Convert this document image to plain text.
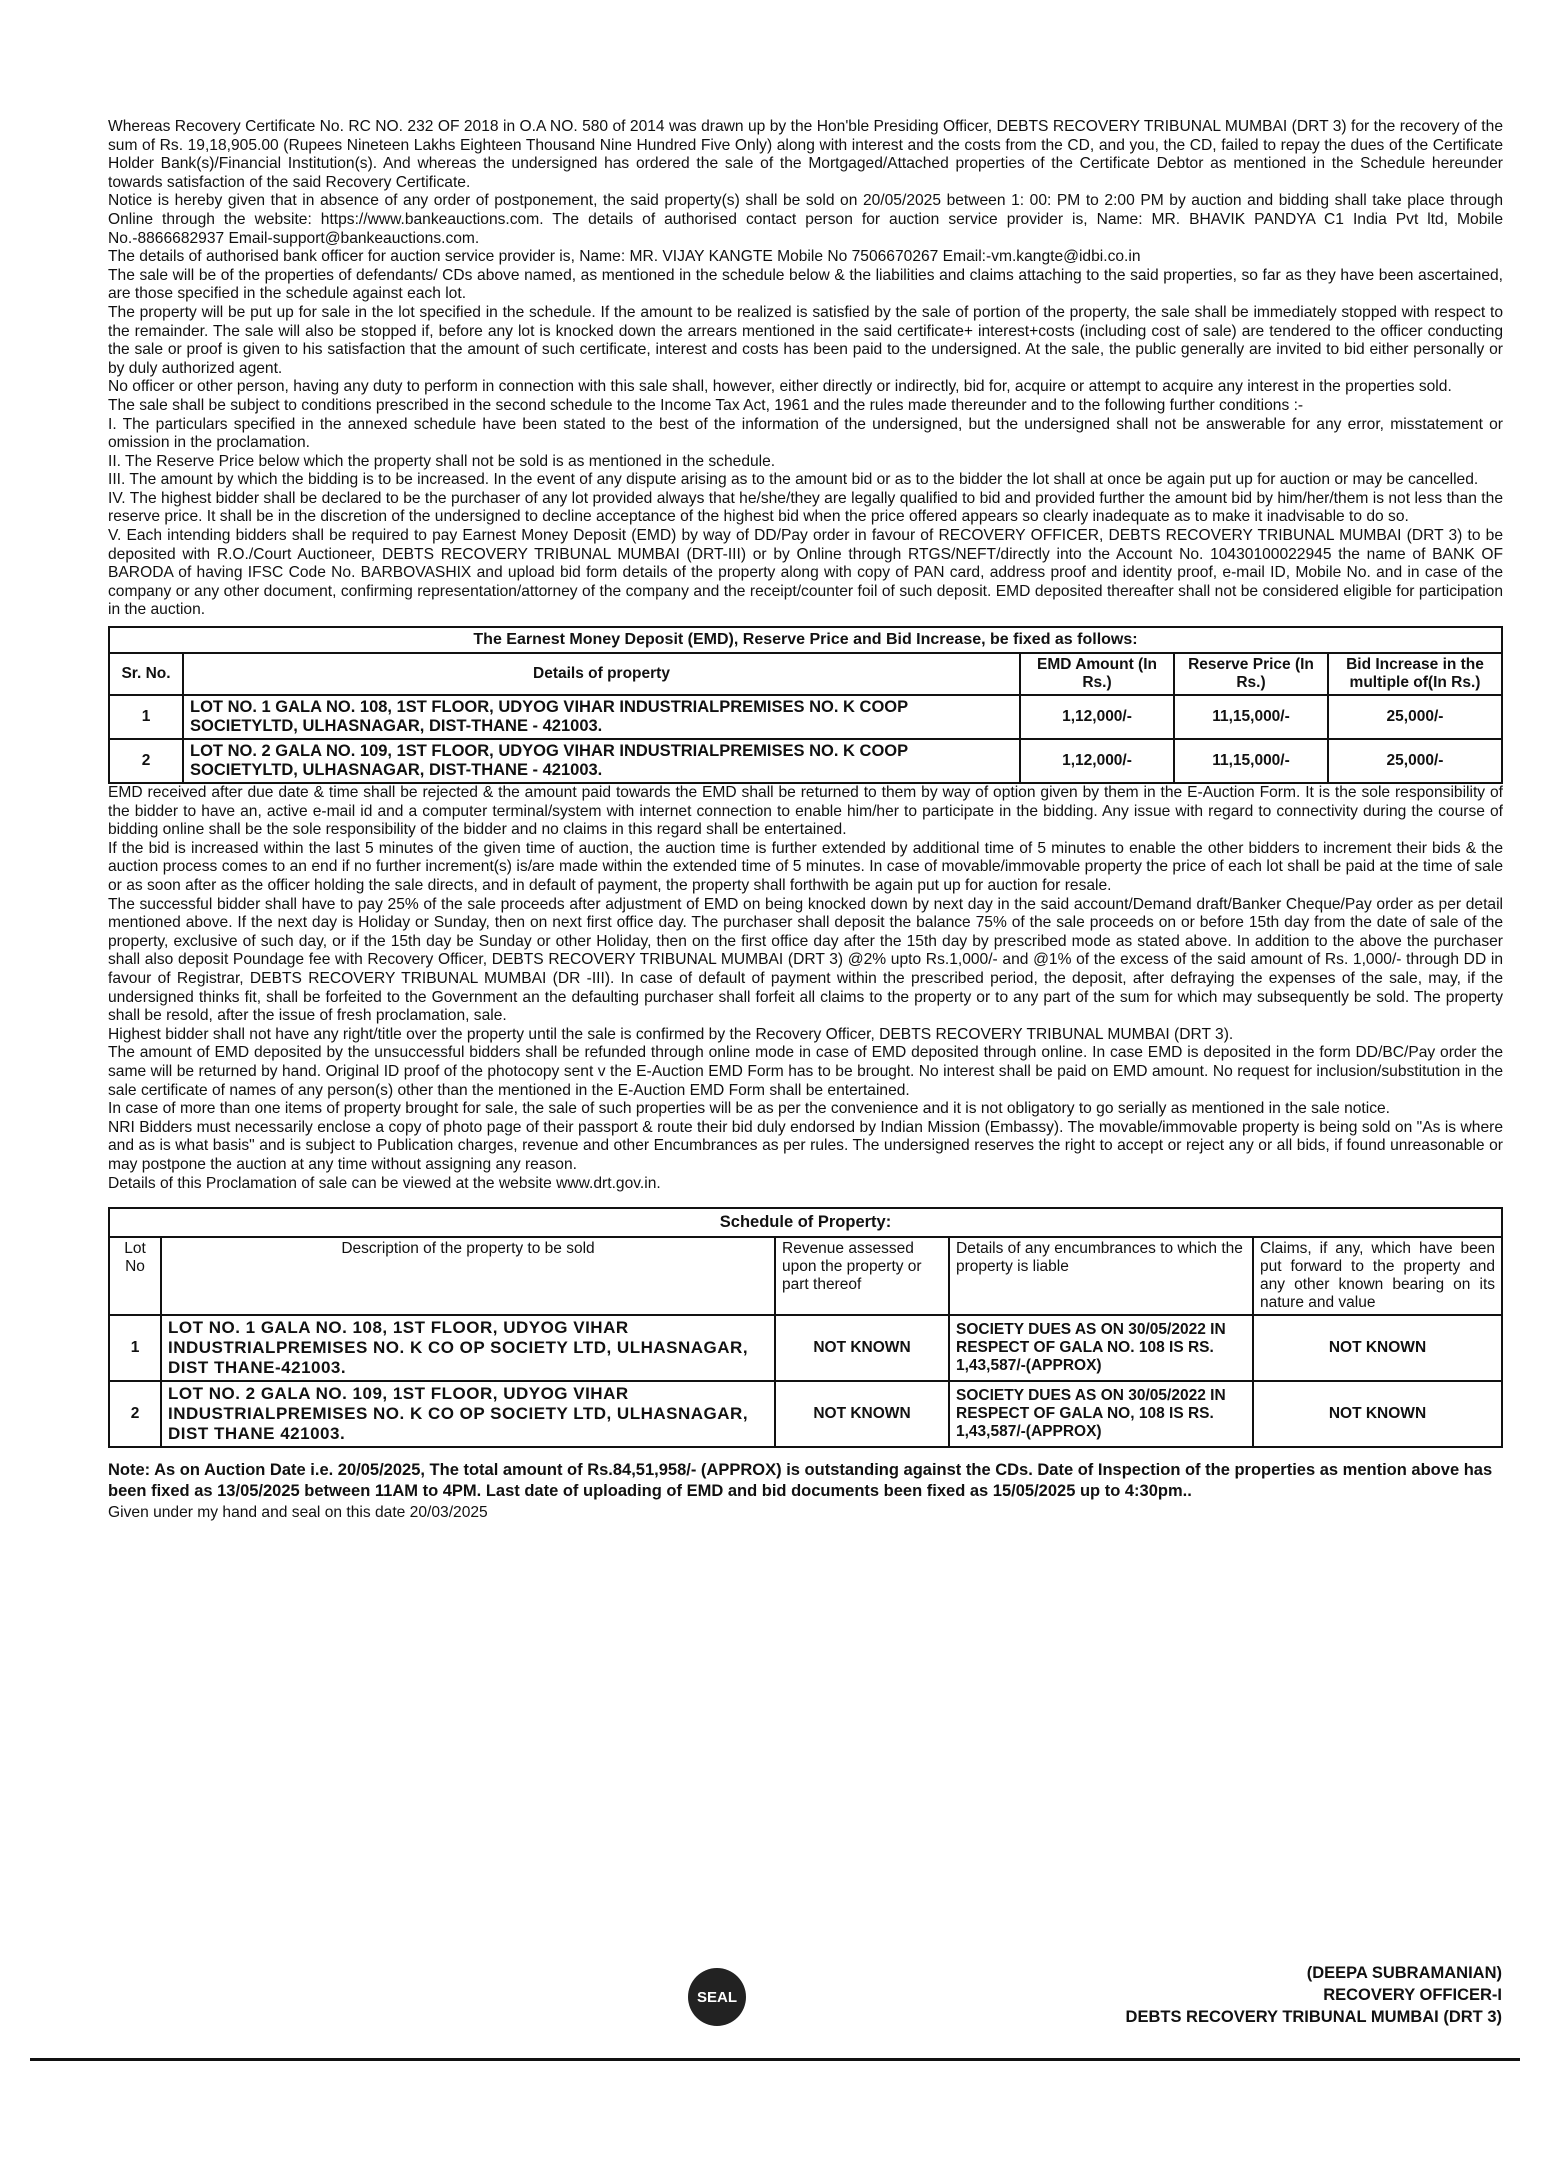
Whereas Recovery Certificate No. RC NO. 232 OF 2018 in O.A NO. 580 of 2014 was drawn up by the Hon'ble Presiding Officer, DEBTS RECOVERY TRIBUNAL MUMBAI (DRT 3) for the recovery of the sum of Rs. 19,18,905.00 (Rupees Nineteen Lakhs Eighteen Thousand Nine Hundred Five Only) along with interest and the costs from the CD, and you, the CD, failed to repay the dues of the Certificate Holder Bank(s)/Financial Institution(s). And whereas the undersigned has ordered the sale of the Mortgaged/Attached properties of the Certificate Debtor as mentioned in the Schedule hereunder towards satisfaction of the said Recovery Certificate.

Notice is hereby given that in absence of any order of postponement, the said property(s) shall be sold on 20/05/2025 between 1: 00: PM to 2:00 PM by auction and bidding shall take place through Online through the website: https://www.bankeauctions.com. The details of authorised contact person for auction service provider is, Name: MR. BHAVIK PANDYA C1 India Pvt ltd, Mobile No.-8866682937 Email-support@bankeauctions.com.

The details of authorised bank officer for auction service provider is, Name: MR. VIJAY KANGTE Mobile No 7506670267 Email:-vm.kangte@idbi.co.in

The sale will be of the properties of defendants/ CDs above named, as mentioned in the schedule below & the liabilities and claims attaching to the said properties, so far as they have been ascertained, are those specified in the schedule against each lot.

The property will be put up for sale in the lot specified in the schedule. If the amount to be realized is satisfied by the sale of portion of the property, the sale shall be immediately stopped with respect to the remainder. The sale will also be stopped if, before any lot is knocked down the arrears mentioned in the said certificate+ interest+costs (including cost of sale) are tendered to the officer conducting the sale or proof is given to his satisfaction that the amount of such certificate, interest and costs has been paid to the undersigned. At the sale, the public generally are invited to bid either personally or by duly authorized agent.

No officer or other person, having any duty to perform in connection with this sale shall, however, either directly or indirectly, bid for, acquire or attempt to acquire any interest in the properties sold.

The sale shall be subject to conditions prescribed in the second schedule to the Income Tax Act, 1961 and the rules made thereunder and to the following further conditions :-

I. The particulars specified in the annexed schedule have been stated to the best of the information of the undersigned, but the undersigned shall not be answerable for any error, misstatement or omission in the proclamation.

II. The Reserve Price below which the property shall not be sold is as mentioned in the schedule.

III. The amount by which the bidding is to be increased. In the event of any dispute arising as to the amount bid or as to the bidder the lot shall at once be again put up for auction or may be cancelled.

IV. The highest bidder shall be declared to be the purchaser of any lot provided always that he/she/they are legally qualified to bid and provided further the amount bid by him/her/them is not less than the reserve price. It shall be in the discretion of the undersigned to decline acceptance of the highest bid when the price offered appears so clearly inadequate as to make it inadvisable to do so.

V. Each intending bidders shall be required to pay Earnest Money Deposit (EMD) by way of DD/Pay order in favour of RECOVERY OFFICER, DEBTS RECOVERY TRIBUNAL MUMBAI (DRT 3) to be deposited with R.O./Court Auctioneer, DEBTS RECOVERY TRIBUNAL MUMBAI (DRT-III) or by Online through RTGS/NEFT/directly into the Account No. 10430100022945 the name of BANK OF BARODA of having IFSC Code No. BARBOVASHIX and upload bid form details of the property along with copy of PAN card, address proof and identity proof, e-mail ID, Mobile No. and in case of the company or any other document, confirming representation/attorney of the company and the receipt/counter foil of such deposit. EMD deposited thereafter shall not be considered eligible for participation in the auction.

The Earnest Money Deposit (EMD), Reserve Price and Bid Increase, be fixed as follows:				
Sr. No.	Details of property	EMD Amount (In Rs.)	Reserve Price (In Rs.)	Bid Increase in the multiple of(In Rs.)
1	LOT NO. 1 GALA NO. 108, 1ST FLOOR, UDYOG VIHAR INDUSTRIALPREMISES NO. K COOP SOCIETYLTD, ULHASNAGAR, DIST-THANE - 421003.	1,12,000/-	11,15,000/-	25,000/-
2	LOT NO. 2 GALA NO. 109, 1ST FLOOR, UDYOG VIHAR INDUSTRIALPREMISES NO. K COOP SOCIETYLTD, ULHASNAGAR, DIST-THANE - 421003.	1,12,000/-	11,15,000/-	25,000/-

EMD received after due date & time shall be rejected & the amount paid towards the EMD shall be returned to them by way of option given by them in the E-Auction Form. It is the sole responsibility of the bidder to have an, active e-mail id and a computer terminal/system with internet connection to enable him/her to participate in the bidding. Any issue with regard to connectivity during the course of bidding online shall be the sole responsibility of the bidder and no claims in this regard shall be entertained.

If the bid is increased within the last 5 minutes of the given time of auction, the auction time is further extended by additional time of 5 minutes to enable the other bidders to increment their bids & the auction process comes to an end if no further increment(s) is/are made within the extended time of 5 minutes. In case of movable/immovable property the price of each lot shall be paid at the time of sale or as soon after as the officer holding the sale directs, and in default of payment, the property shall forthwith be again put up for auction for resale.

The successful bidder shall have to pay 25% of the sale proceeds after adjustment of EMD on being knocked down by next day in the said account/Demand draft/Banker Cheque/Pay order as per detail mentioned above. If the next day is Holiday or Sunday, then on next first office day. The purchaser shall deposit the balance 75% of the sale proceeds on or before 15th day from the date of sale of the property, exclusive of such day, or if the 15th day be Sunday or other Holiday, then on the first office day after the 15th day by prescribed mode as stated above. In addition to the above the purchaser shall also deposit Poundage fee with Recovery Officer, DEBTS RECOVERY TRIBUNAL MUMBAI (DRT 3) @2% upto Rs.1,000/- and @1% of the excess of the said amount of Rs. 1,000/- through DD in favour of Registrar, DEBTS RECOVERY TRIBUNAL MUMBAI (DR -III). In case of default of payment within the prescribed period, the deposit, after defraying the expenses of the sale, may, if the undersigned thinks fit, shall be forfeited to the Government an the defaulting purchaser shall forfeit all claims to the property or to any part of the sum for which may subsequently be sold. The property shall be resold, after the issue of fresh proclamation, sale.

Highest bidder shall not have any right/title over the property until the sale is confirmed by the Recovery Officer, DEBTS RECOVERY TRIBUNAL MUMBAI (DRT 3).

The amount of EMD deposited by the unsuccessful bidders shall be refunded through online mode in case of EMD deposited through online. In case EMD is deposited in the form DD/BC/Pay order the same will be returned by hand. Original ID proof of the photocopy sent v the E-Auction EMD Form has to be brought. No interest shall be paid on EMD amount. No request for inclusion/substitution in the sale certificate of names of any person(s) other than the mentioned in the E-Auction EMD Form shall be entertained.

In case of more than one items of property brought for sale, the sale of such properties will be as per the convenience and it is not obligatory to go serially as mentioned in the sale notice.

NRI Bidders must necessarily enclose a copy of photo page of their passport & route their bid duly endorsed by Indian Mission (Embassy). The movable/immovable property is being sold on "As is where and as is what basis" and is subject to Publication charges, revenue and other Encumbrances as per rules. The undersigned reserves the right to accept or reject any or all bids, if found unreasonable or may postpone the auction at any time without assigning any reason.

Details of this Proclamation of sale can be viewed at the website www.drt.gov.in.

Schedule of Property:				
Lot No	Description of the property to be sold	Revenue assessed upon the property or part thereof	Details of any encumbrances to which the property is liable	Claims, if any, which have been put forward to the property and any other known bearing on its nature and value
1	LOT NO. 1 GALA NO. 108, 1ST FLOOR, UDYOG VIHAR INDUSTRIALPREMISES NO. K CO OP SOCIETY LTD, ULHASNAGAR, DIST THANE-421003.	NOT KNOWN	SOCIETY DUES AS ON 30/05/2022 IN RESPECT OF GALA NO. 108 IS RS. 1,43,587/-(APPROX)	NOT KNOWN
2	LOT NO. 2 GALA NO. 109, 1ST FLOOR, UDYOG VIHAR INDUSTRIALPREMISES NO. K CO OP SOCIETY LTD, ULHASNAGAR, DIST THANE 421003.	NOT KNOWN	SOCIETY DUES AS ON 30/05/2022 IN RESPECT OF GALA NO, 108 IS RS. 1,43,587/-(APPROX)	NOT KNOWN
Note: As on Auction Date i.e. 20/05/2025, The total amount of Rs.84,51,958/- (APPROX) is outstanding against the CDs. Date of Inspection of the properties as mention above has been fixed as 13/05/2025 between 11AM to 4PM. Last date of uploading of EMD and bid documents been fixed as 15/05/2025 up to 4:30pm..
Given under my hand and seal on this date 20/03/2025
SEAL
(DEEPA SUBRAMANIAN)
RECOVERY OFFICER-I
DEBTS RECOVERY TRIBUNAL MUMBAI (DRT 3)
